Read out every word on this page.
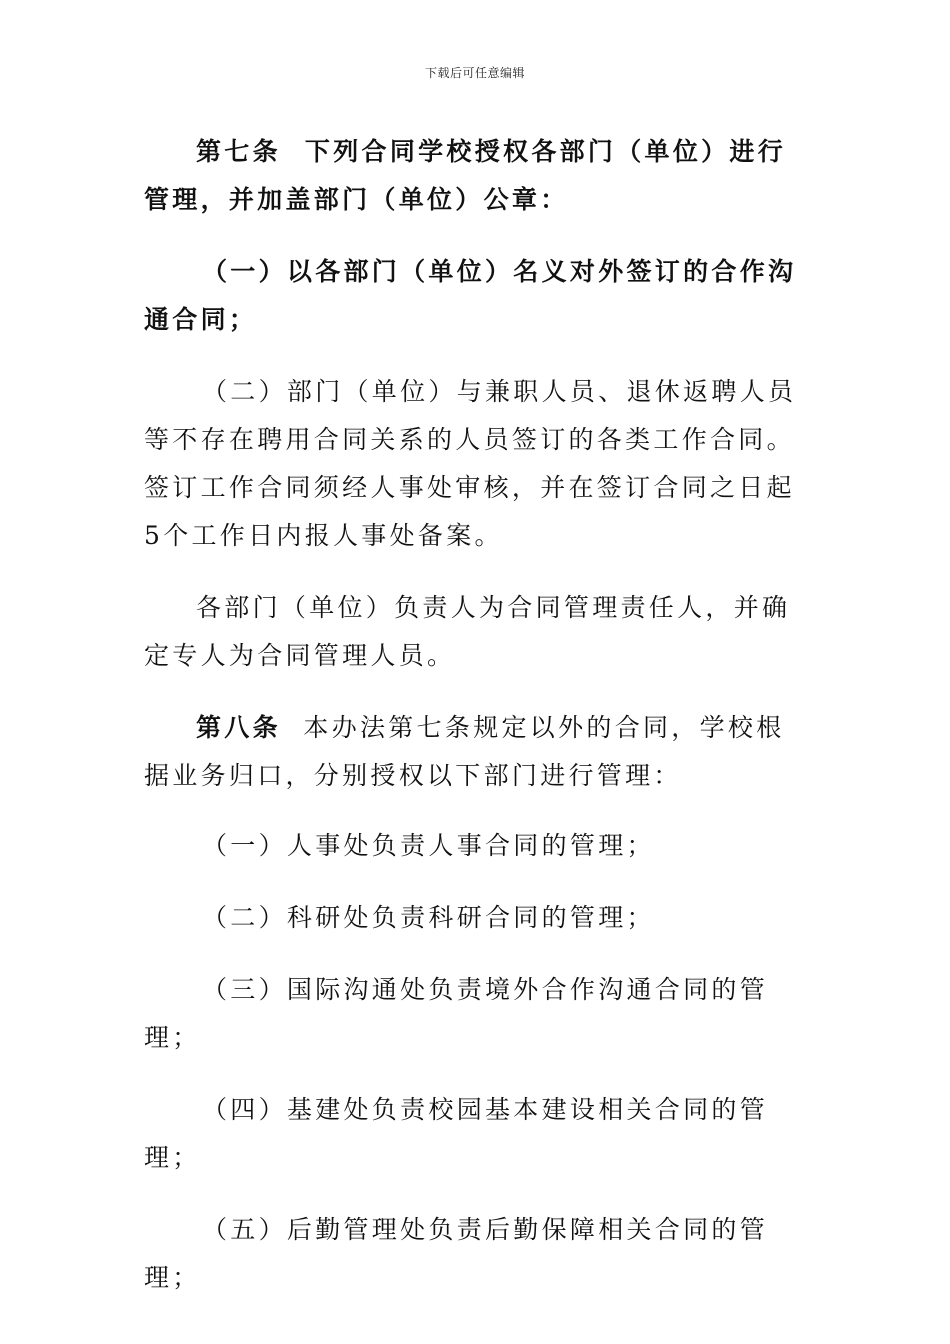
下载后可任意编辑

第七条 下列合同学校授权各部门（单位）进行管理，并加盖部门（单位）公章：

（一）以各部门（单位）名义对外签订的合作沟通合同；

（二）部门（单位）与兼职人员、退休返聘人员等不存在聘用合同关系的人员签订的各类工作合同。签订工作合同须经人事处审核，并在签订合同之日起5个工作日内报人事处备案。

各部门（单位）负责人为合同管理责任人，并确定专人为合同管理人员。

第八条 本办法第七条规定以外的合同，学校根据业务归口，分别授权以下部门进行管理：

（一）人事处负责人事合同的管理；

（二）科研处负责科研合同的管理；

（三）国际沟通处负责境外合作沟通合同的管理；

（四）基建处负责校园基本建设相关合同的管理；

（五）后勤管理处负责后勤保障相关合同的管理；
